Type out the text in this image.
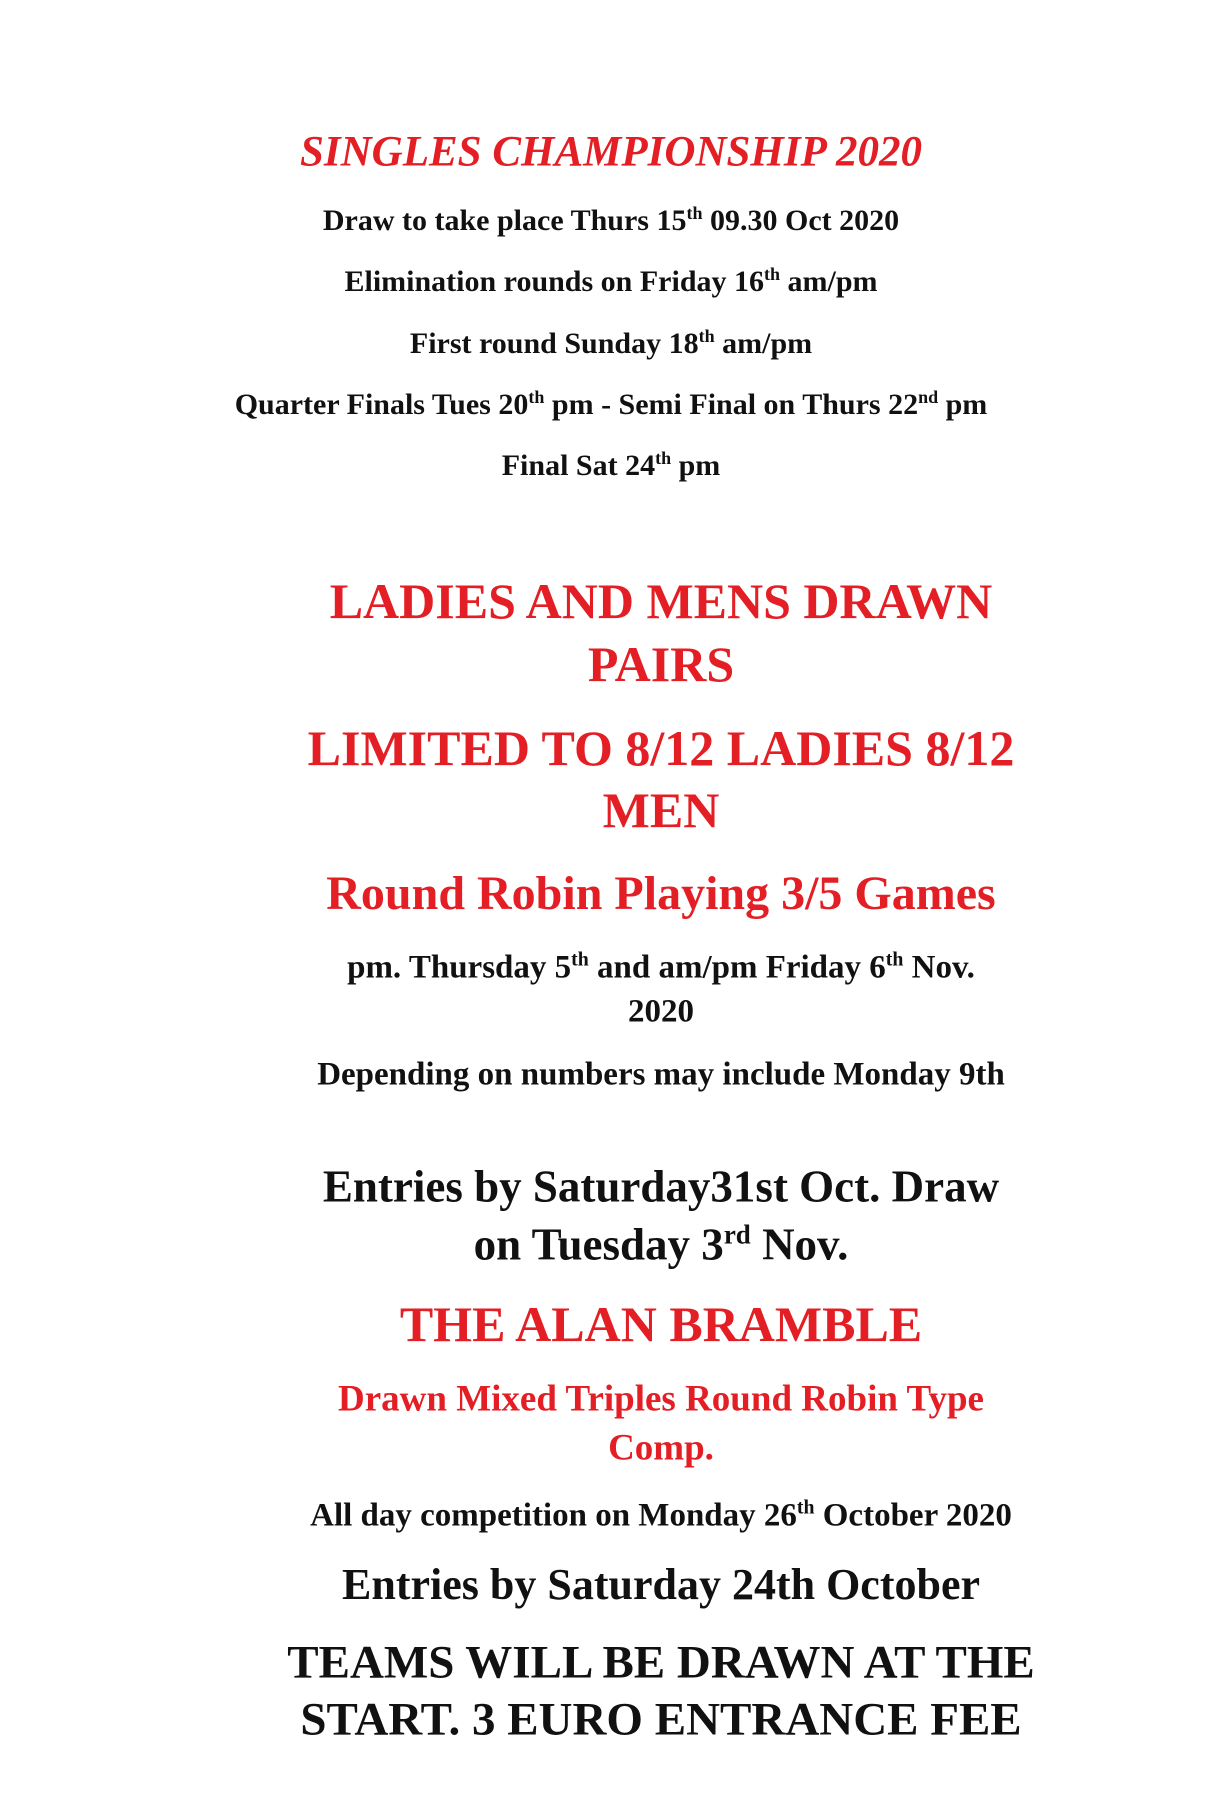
SINGLES CHAMPIONSHIP 2020
Draw to take place Thurs 15th 09.30 Oct 2020
Elimination rounds on Friday 16th am/pm
First round Sunday 18th am/pm
Quarter Finals Tues 20th pm - Semi Final on Thurs 22nd pm
Final Sat 24th pm
LADIES AND MENS DRAWN
PAIRS
LIMITED TO 8/12 LADIES 8/12
MEN
Round Robin Playing 3/5 Games
pm. Thursday 5th and am/pm Friday 6th Nov.
2020
Depending on numbers may include Monday 9th
Entries by Saturday31st Oct. Draw
on Tuesday 3rd Nov.
THE ALAN BRAMBLE
Drawn Mixed Triples Round Robin Type
Comp.
All day competition on Monday 26th October 2020
Entries by Saturday 24th October
TEAMS WILL BE DRAWN AT THE
START. 3 EURO ENTRANCE FEE
